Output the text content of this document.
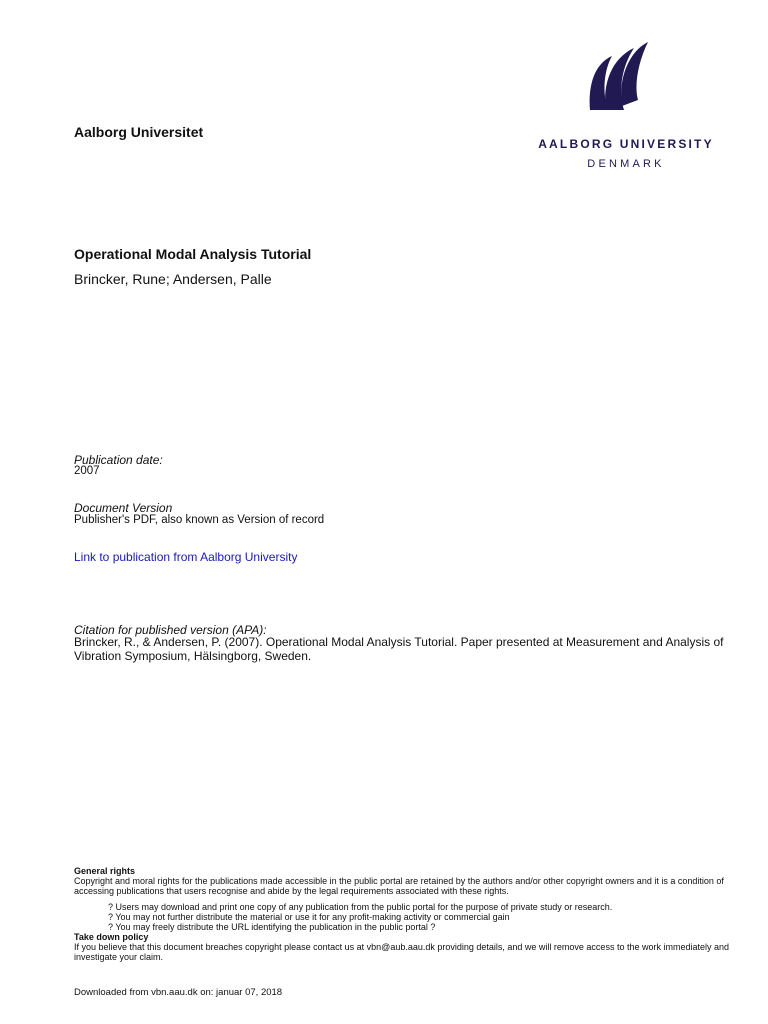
Aalborg Universitet
AALBORG UNIVERSITY
DENMARK
Operational Modal Analysis Tutorial
Brincker, Rune; Andersen, Palle
Publication date:
2007
Document Version
Publisher's PDF, also known as Version of record
Link to publication from Aalborg University
Citation for published version (APA):
Brincker, R., & Andersen, P. (2007). Operational Modal Analysis Tutorial. Paper presented at Measurement and Analysis of Vibration Symposium, Hälsingborg, Sweden.
General rights
Copyright and moral rights for the publications made accessible in the public portal are retained by the authors and/or other copyright owners and it is a condition of accessing publications that users recognise and abide by the legal requirements associated with these rights.
? Users may download and print one copy of any publication from the public portal for the purpose of private study or research.
? You may not further distribute the material or use it for any profit-making activity or commercial gain
? You may freely distribute the URL identifying the publication in the public portal ?
Take down policy
If you believe that this document breaches copyright please contact us at vbn@aub.aau.dk providing details, and we will remove access to the work immediately and investigate your claim.
Downloaded from vbn.aau.dk on: januar 07, 2018
